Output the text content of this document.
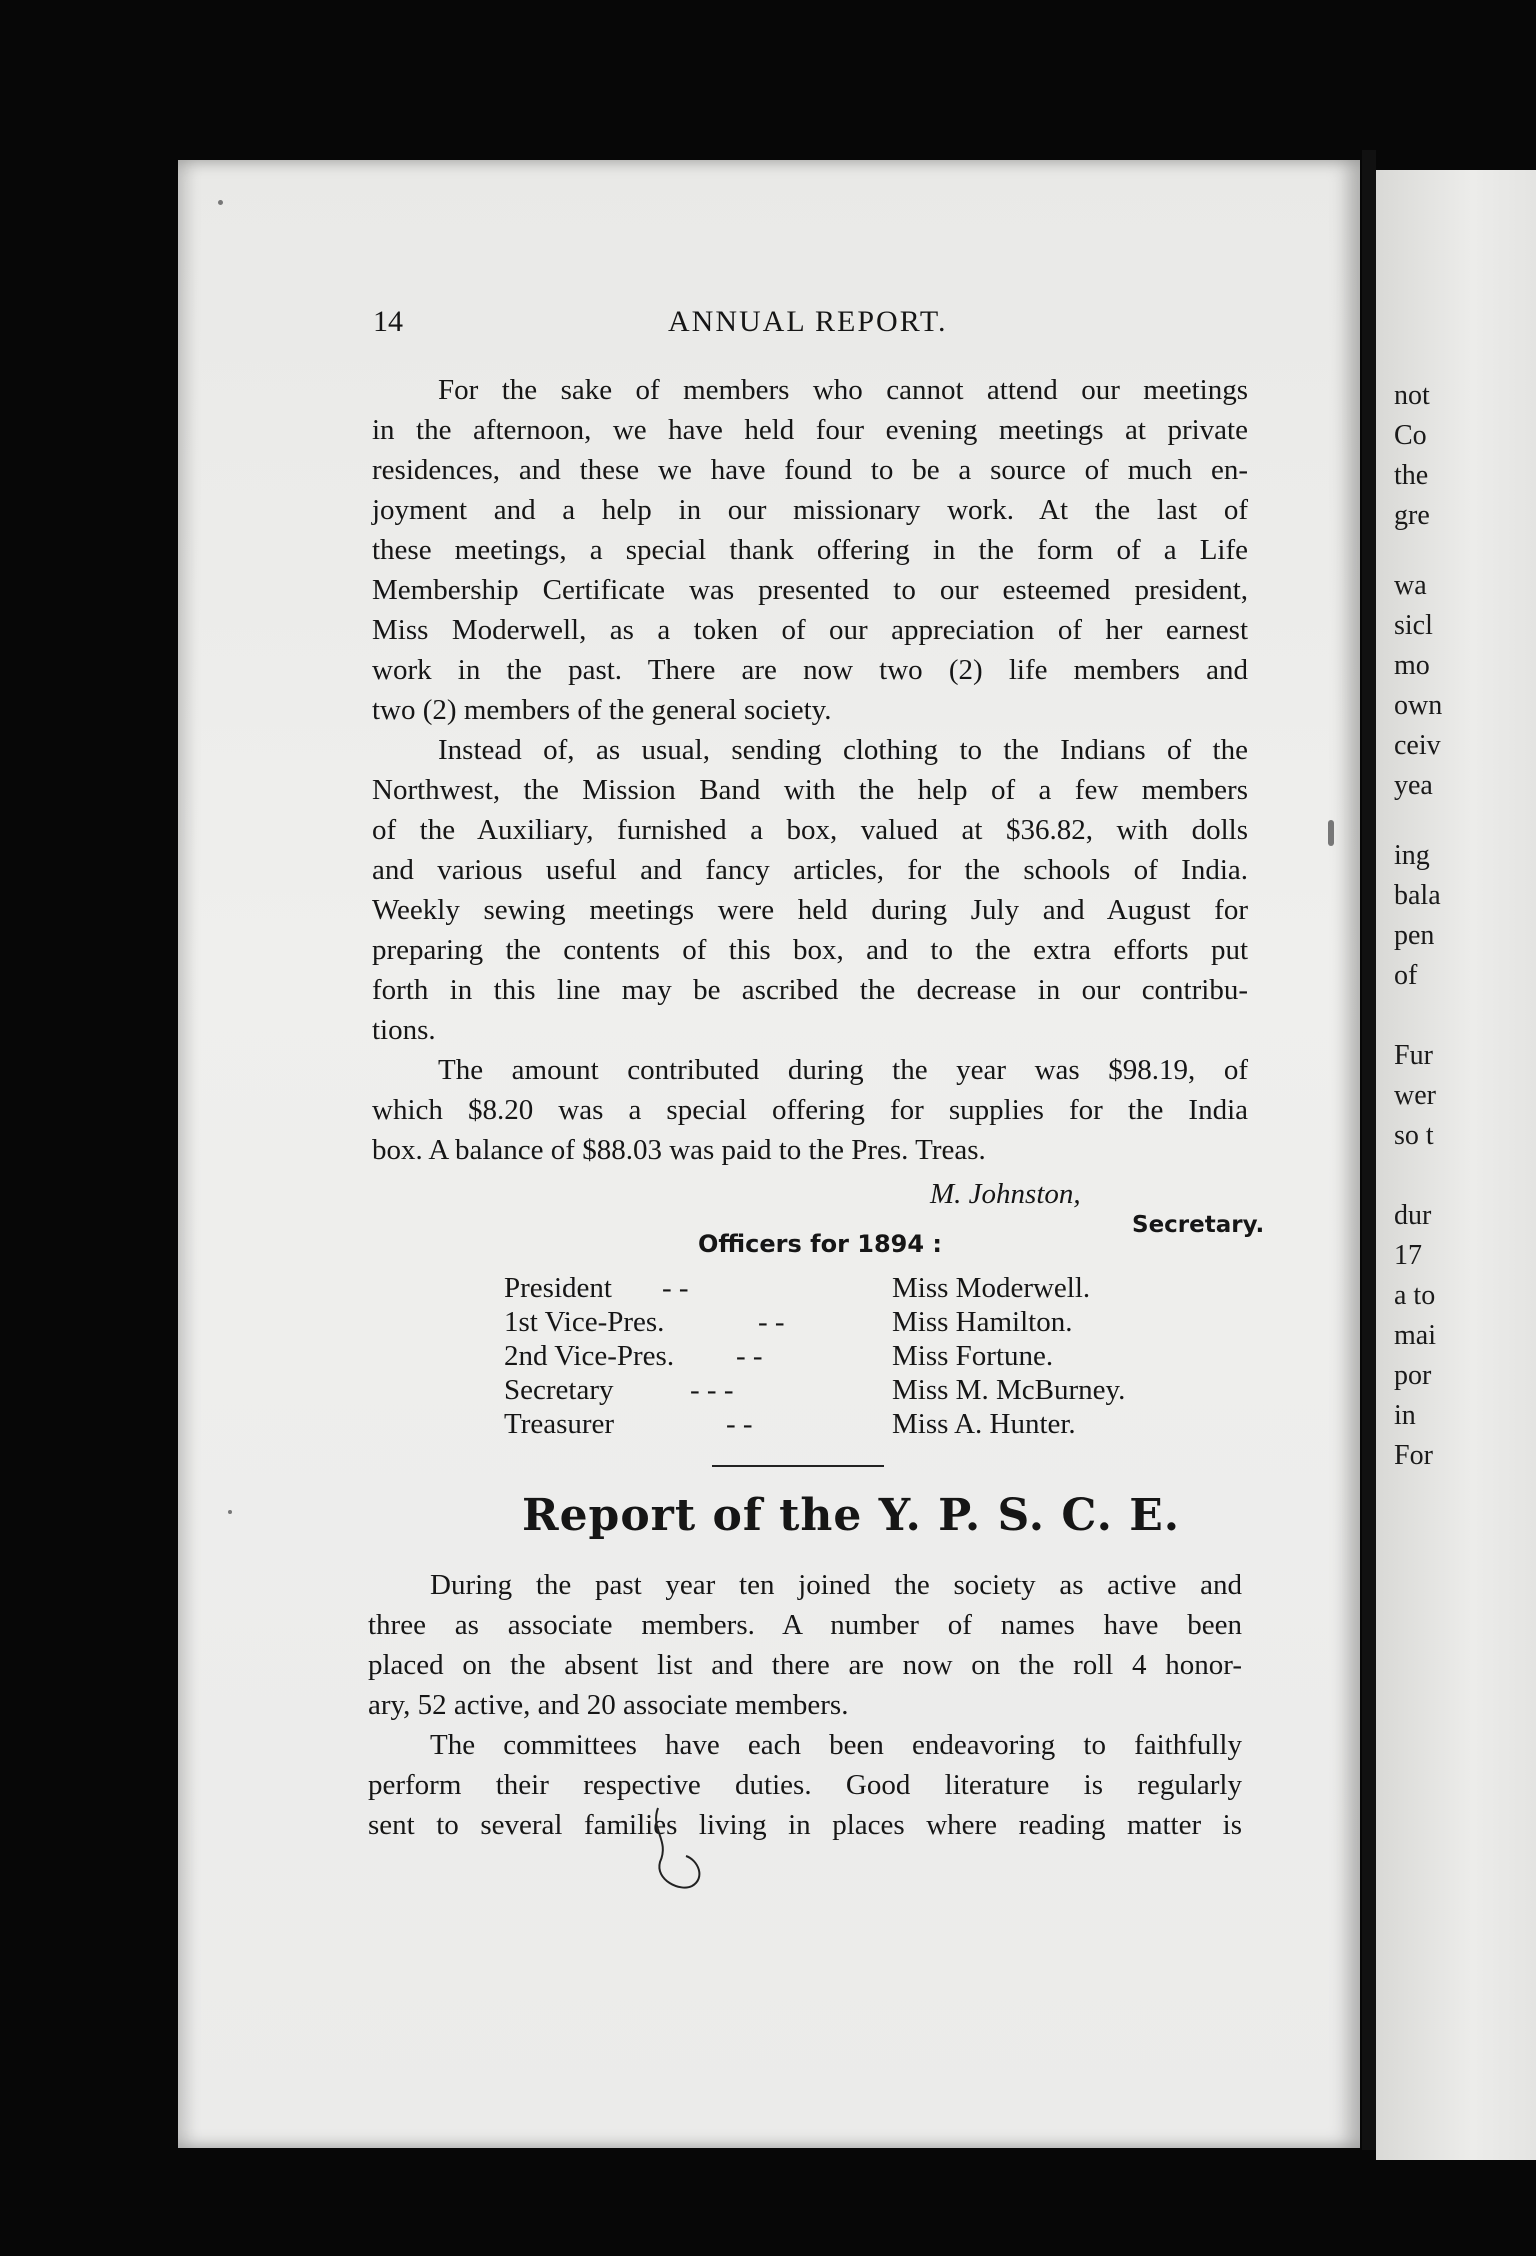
not
Co
the
gre
wa
sicl
mo
own
ceiv
yea
ing
bala
pen
of
Fur
wer
so t
dur
17
a to
mai
por
in
For
14	ANNUAL REPORT.
For the sake of members who cannot attend our meetings
in the afternoon, we have held four evening meetings at private
residences, and these we have found to be a source of much en-
joyment and a help in our missionary work. At the last of
these meetings, a special thank offering in the form of a Life
Membership Certificate was presented to our esteemed president,
Miss Moderwell, as a token of our appreciation of her earnest
work in the past. There are now two (2) life members and
two (2) members of the general society.
Instead of, as usual, sending clothing to the Indians of the
Northwest, the Mission Band with the help of a few members
of the Auxiliary, furnished a box, valued at $36.82, with dolls
and various useful and fancy articles, for the schools of India.
Weekly sewing meetings were held during July and August for
preparing the contents of this box, and to the extra efforts put
forth in this line may be ascribed the decrease in our contribu-
tions.
The amount contributed during the year was $98.19, of
which $8.20 was a special offering for supplies for the India
box. A balance of $88.03 was paid to the Pres. Treas.
M. Johnston,
Secretary.
Officers for 1894 :
President - -	Miss Moderwell.
1st Vice-Pres.	- -	Miss Hamilton.
2nd Vice-Pres. - -	Miss Fortune.
Secretary	- - -	Miss M. McBurney.
Treasurer	- -	Miss A. Hunter.
Report of the Y. P. S. C. E.
During the past year ten joined the society as active and
three as associate members. A number of names have been
placed on the absent list and there are now on the roll 4 honor-
ary, 52 active, and 20 associate members.
The committees have each been endeavoring to faithfully
perform their respective duties. Good literature is regularly
sent to several families living in places where reading matter is
